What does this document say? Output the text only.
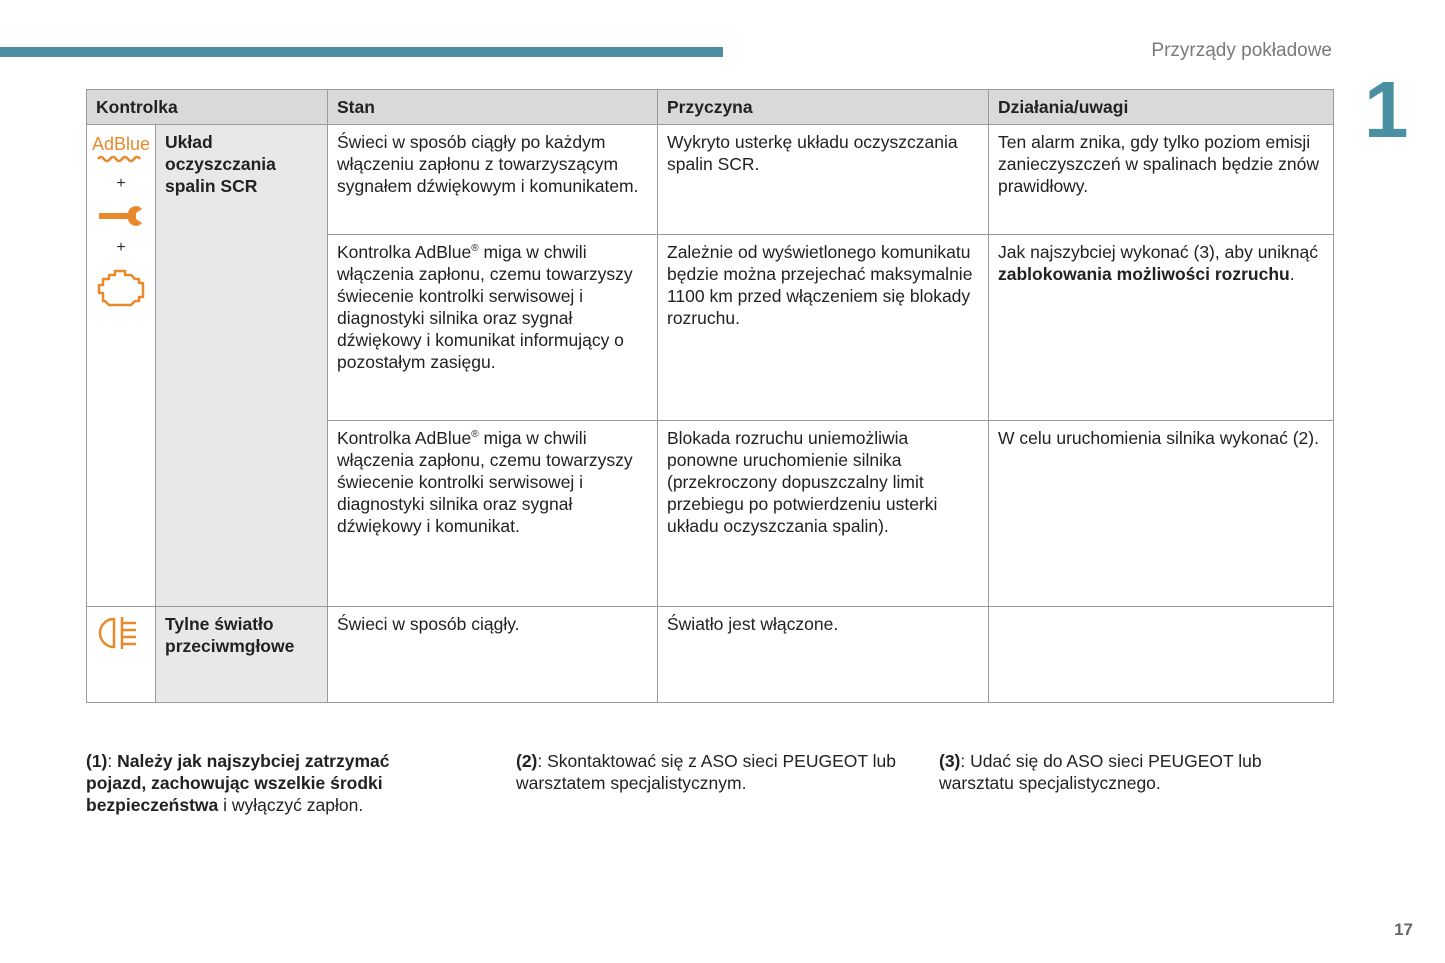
Przyrządy pokładowe
1
Kontrolka		Stan	Przyczyna	Działania/uwagi

AdBlue
+
+	Układ oczyszczania spalin SCR	Świeci w sposób ciągły po każdym włączeniu zapłonu z towarzyszącym sygnałem dźwiękowym i komunikatem.	Wykryto usterkę układu oczyszczania spalin SCR.	Ten alarm znika, gdy tylko poziom emisji zanieczyszczeń w spalinach będzie znów prawidłowy.
		Kontrolka AdBlue® miga w chwili włączenia zapłonu, czemu towarzyszy świecenie kontrolki serwisowej i diagnostyki silnika oraz sygnał dźwiękowy i komunikat informujący o pozostałym zasięgu.	Zależnie od wyświetlonego komunikatu będzie można przejechać maksymalnie 1100 km przed włączeniem się blokady rozruchu.	Jak najszybciej wykonać (3), aby uniknąć zablokowania możliwości rozruchu.
		Kontrolka AdBlue® miga w chwili włączenia zapłonu, czemu towarzyszy świecenie kontrolki serwisowej i diagnostyki silnika oraz sygnał dźwiękowy i komunikat.	Blokada rozruchu uniemożliwia ponowne uruchomienie silnika (przekroczony dopuszczalny limit przebiegu po potwierdzeniu usterki układu oczyszczania spalin).	W celu uruchomienia silnika wykonać (2).
	Tylne światło przeciwmgłowe	Świeci w sposób ciągły.	Światło jest włączone.	
(1): Należy jak najszybciej zatrzymać pojazd, zachowując wszelkie środki bezpieczeństwa i wyłączyć zapłon.
(2): Skontaktować się z ASO sieci PEUGEOT lub warsztatem specjalistycznym.
(3): Udać się do ASO sieci PEUGEOT lub warsztatu specjalistycznego.
17
